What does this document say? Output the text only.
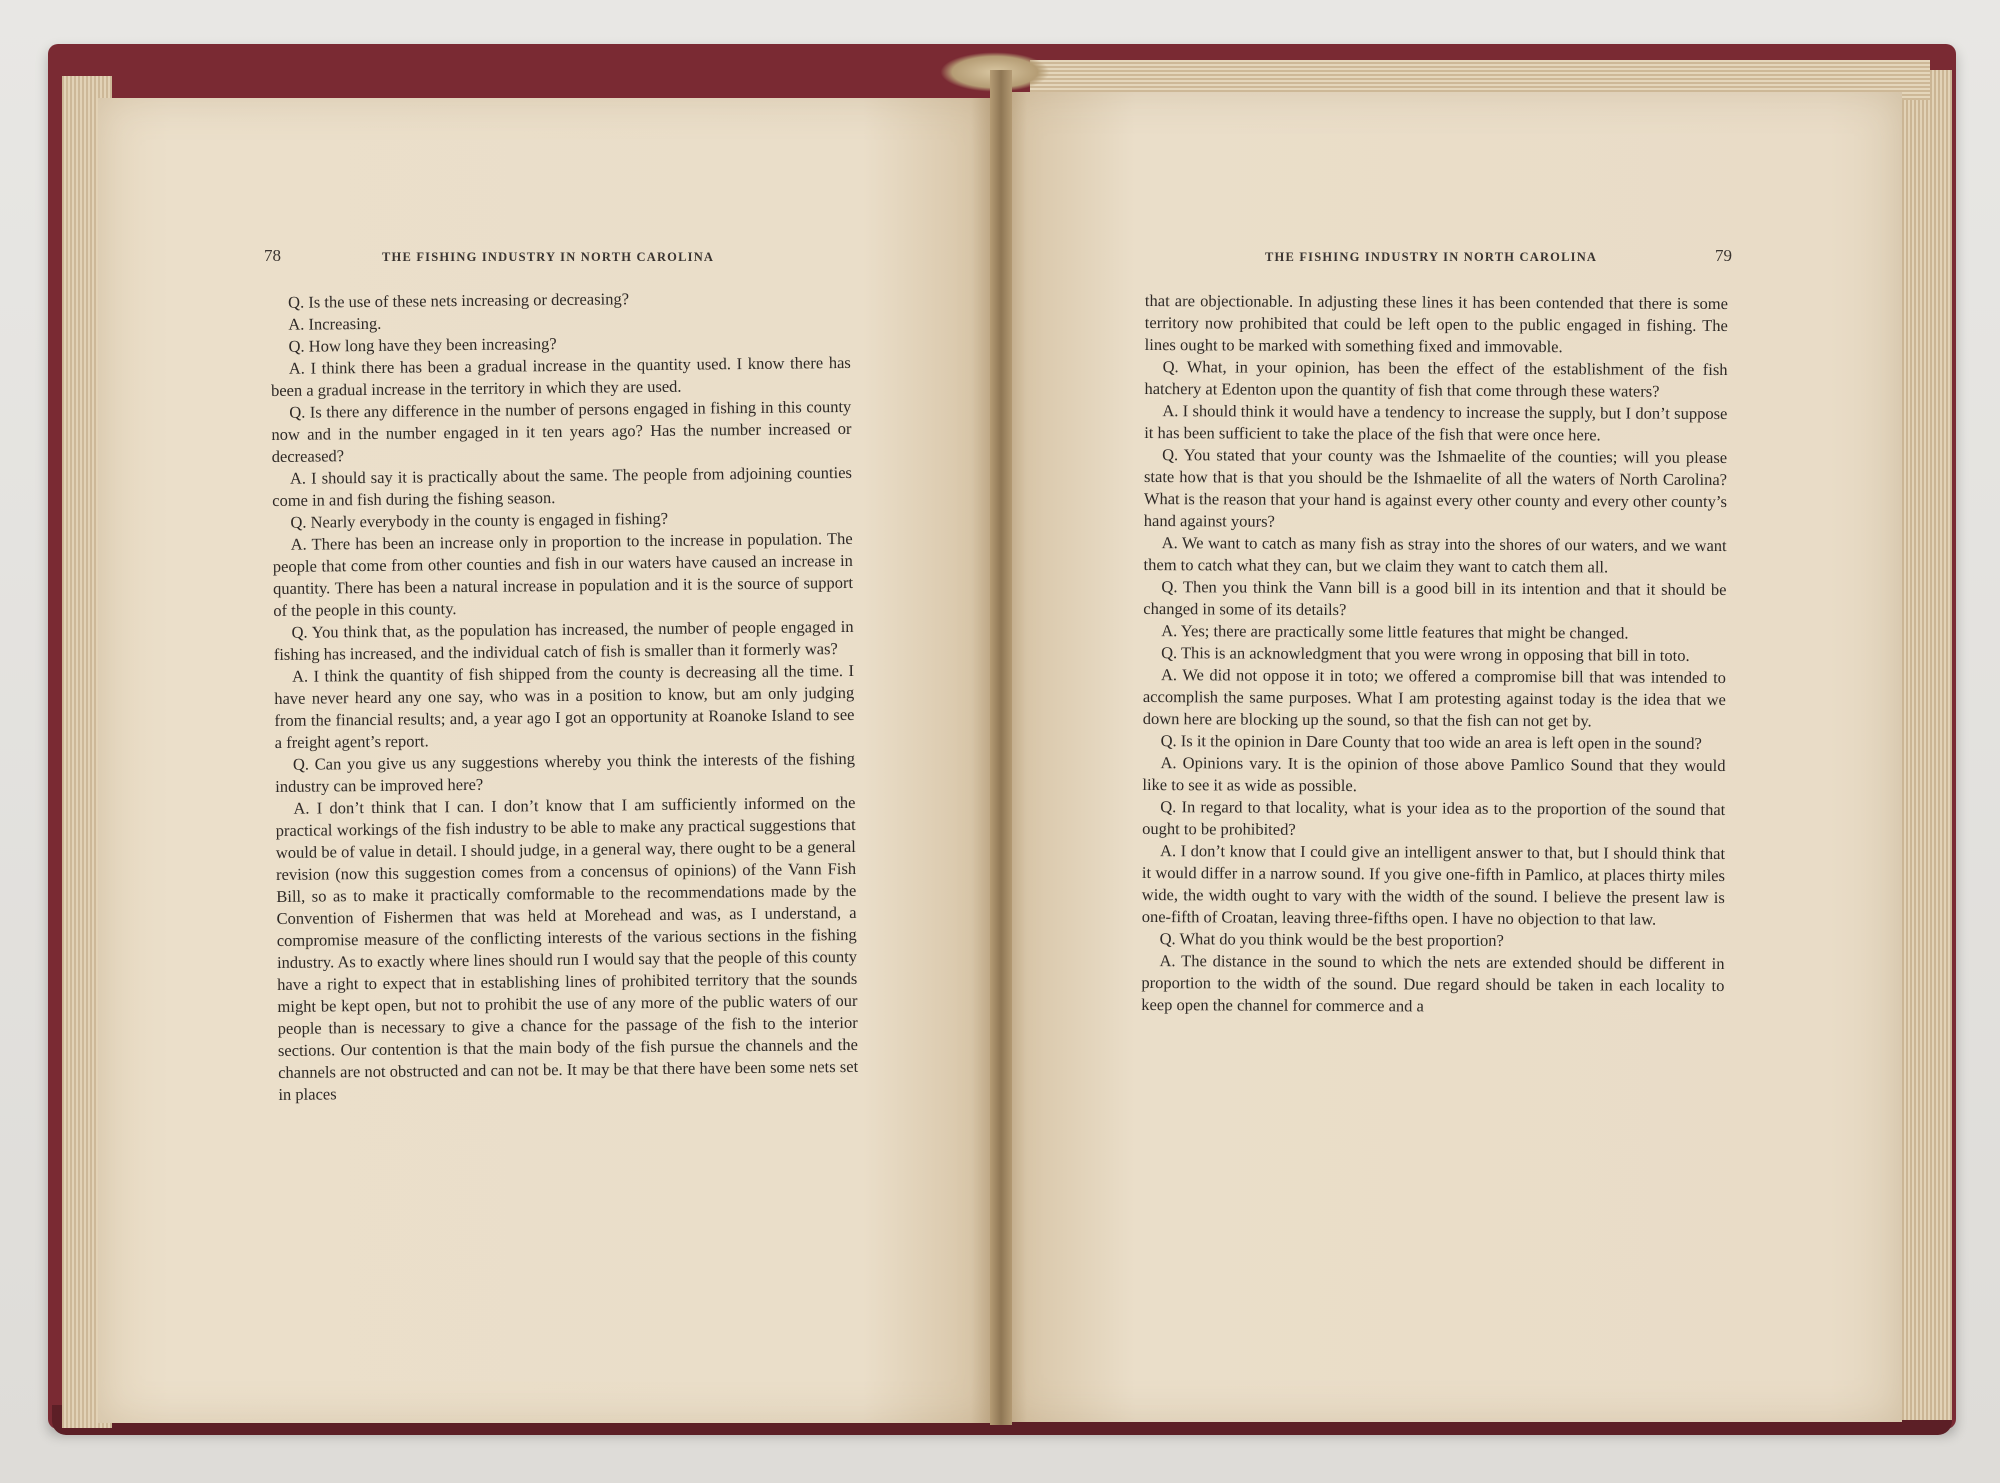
78	THE FISHING INDUSTRY IN NORTH CAROLINA	THE FISHING INDUSTRY IN NORTH CAROLINA	79

Q. Is the use of these nets increasing or decreasing?

A. Increasing.

Q. How long have they been increasing?

A. I think there has been a gradual increase in the quantity used. I know there has been a gradual increase in the territory in which they are used.

Q. Is there any difference in the number of persons engaged in fishing in this county now and in the number engaged in it ten years ago? Has the number increased or decreased?

A. I should say it is practically about the same. The people from adjoining counties come in and fish during the fishing season.

Q. Nearly everybody in the county is engaged in fishing?

A. There has been an increase only in proportion to the increase in population. The people that come from other counties and fish in our waters have caused an increase in quantity. There has been a natural increase in population and it is the source of support of the people in this county.

Q. You think that, as the population has increased, the number of people engaged in fishing has increased, and the individual catch of fish is smaller than it formerly was?

A. I think the quantity of fish shipped from the county is decreasing all the time. I have never heard any one say, who was in a position to know, but am only judging from the financial results; and, a year ago I got an opportunity at Roanoke Island to see a freight agent’s report.

Q. Can you give us any suggestions whereby you think the interests of the fishing industry can be improved here?

A. I don’t think that I can. I don’t know that I am sufficiently informed on the practical workings of the fish industry to be able to make any practical suggestions that would be of value in detail. I should judge, in a general way, there ought to be a general revision (now this suggestion comes from a concensus of opinions) of the Vann Fish Bill, so as to make it practically comformable to the recommendations made by the Convention of Fishermen that was held at Morehead and was, as I understand, a compromise measure of the conflicting interests of the various sections in the fishing industry. As to exactly where lines should run I would say that the people of this county have a right to expect that in establishing lines of prohibited territory that the sounds might be kept open, but not to prohibit the use of any more of the public waters of our people than is necessary to give a chance for the passage of the fish to the interior sections. Our contention is that the main body of the fish pursue the channels and the channels are not obstructed and can not be. It may be that there have been some nets set in places

that are objectionable. In adjusting these lines it has been contended that there is some territory now prohibited that could be left open to the public engaged in fishing. The lines ought to be marked with something fixed and immovable.

Q. What, in your opinion, has been the effect of the establishment of the fish hatchery at Edenton upon the quantity of fish that come through these waters?

A. I should think it would have a tendency to increase the supply, but I don’t suppose it has been sufficient to take the place of the fish that were once here.

Q. You stated that your county was the Ishmaelite of the counties; will you please state how that is that you should be the Ishmaelite of all the waters of North Carolina? What is the reason that your hand is against every other county and every other county’s hand against yours?

A. We want to catch as many fish as stray into the shores of our waters, and we want them to catch what they can, but we claim they want to catch them all.

Q. Then you think the Vann bill is a good bill in its intention and that it should be changed in some of its details?

A. Yes; there are practically some little features that might be changed.

Q. This is an acknowledgment that you were wrong in opposing that bill in toto.

A. We did not oppose it in toto; we offered a compromise bill that was intended to accomplish the same purposes. What I am protesting against today is the idea that we down here are blocking up the sound, so that the fish can not get by.

Q. Is it the opinion in Dare County that too wide an area is left open in the sound?

A. Opinions vary. It is the opinion of those above Pamlico Sound that they would like to see it as wide as possible.

Q. In regard to that locality, what is your idea as to the proportion of the sound that ought to be prohibited?

A. I don’t know that I could give an intelligent answer to that, but I should think that it would differ in a narrow sound. If you give one-fifth in Pamlico, at places thirty miles wide, the width ought to vary with the width of the sound. I believe the present law is one-fifth of Croatan, leaving three-fifths open. I have no objection to that law.

Q. What do you think would be the best proportion?

A. The distance in the sound to which the nets are extended should be different in proportion to the width of the sound. Due regard should be taken in each locality to keep open the channel for commerce and a
